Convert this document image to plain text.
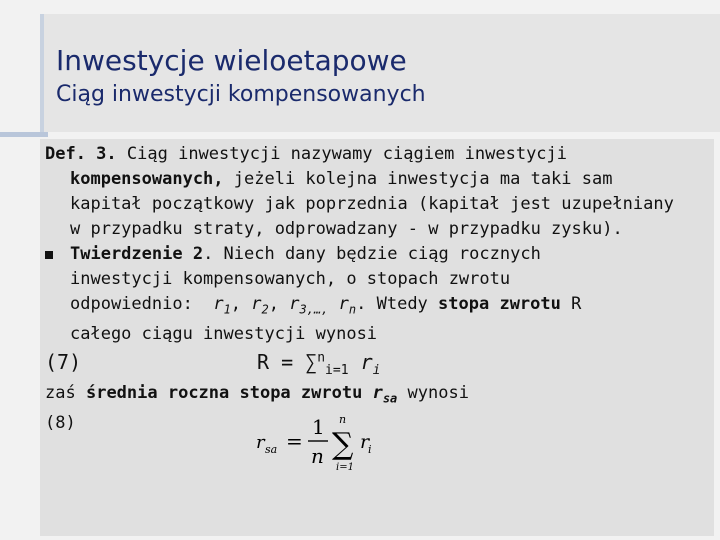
Inwestycje wieloetapowe
Ciąg inwestycji kompensowanych

Def. 3. Ciąg inwestycji nazywamy ciągiem inwestycji

kompensowanych, jeżeli kolejna inwestycja ma taki sam

kapitał początkowy jak poprzednia (kapitał jest uzupełniany

w przypadku straty, odprowadzany - w przypadku zysku).

Twierdzenie 2. Niech dany będzie ciąg rocznych

inwestycji kompensowanych, o stopach zwrotu

odpowiednio: $r_1$, $r_2$, $r_{3,\dots,}$ $r_n$. Wtedy stopa zwrotu R

całego ciągu inwestycji wynosi

(7)	R = ∑$^n_{i=1}$ $r_i$
zaś średnia roczna stopa zwrotu $r_{sa}$ wynosi
(8)
r sa =
1
n
n
∑
i=1
r
i
